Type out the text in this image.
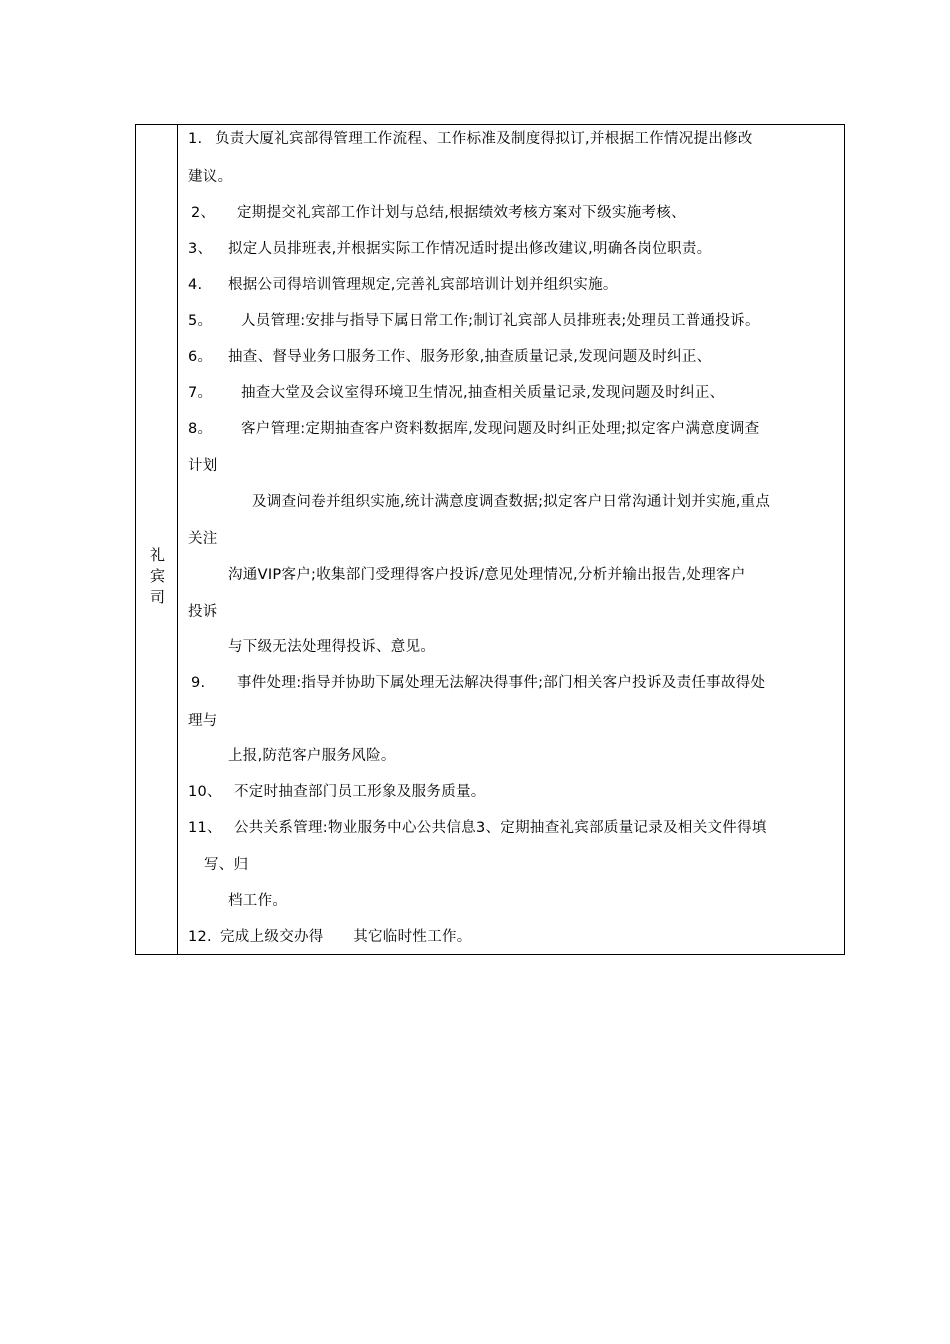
礼宾司
1. 负责大厦礼宾部得管理工作流程、工作标准及制度得拟订,并根据工作情况提出修改
建议。
2、 定期提交礼宾部工作计划与总结,根据绩效考核方案对下级实施考核、
3、 拟定人员排班表,并根据实际工作情况适时提出修改建议,明确各岗位职责。
4. 根据公司得培训管理规定,完善礼宾部培训计划并组织实施。
5。 人员管理:安排与指导下属日常工作;制订礼宾部人员排班表;处理员工普通投诉。
6。 抽查、督导业务口服务工作、服务形象,抽查质量记录,发现问题及时纠正、
7。 抽查大堂及会议室得环境卫生情况,抽查相关质量记录,发现问题及时纠正、
8。 客户管理:定期抽查客户资料数据库,发现问题及时纠正处理;拟定客户满意度调查
计划
及调查问卷并组织实施,统计满意度调查数据;拟定客户日常沟通计划并实施,重点
关注
沟通VIP客户;收集部门受理得客户投诉/意见处理情况,分析并输出报告,处理客户
投诉
与下级无法处理得投诉、意见。
9. 事件处理:指导并协助下属处理无法解决得事件;部门相关客户投诉及责任事故得处
理与
上报,防范客户服务风险。
10、 不定时抽查部门员工形象及服务质量。
11、 公共关系管理:物业服务中心公共信息3、定期抽查礼宾部质量记录及相关文件得填
写、归
档工作。
12. 完成上级交办得　　其它临时性工作。
